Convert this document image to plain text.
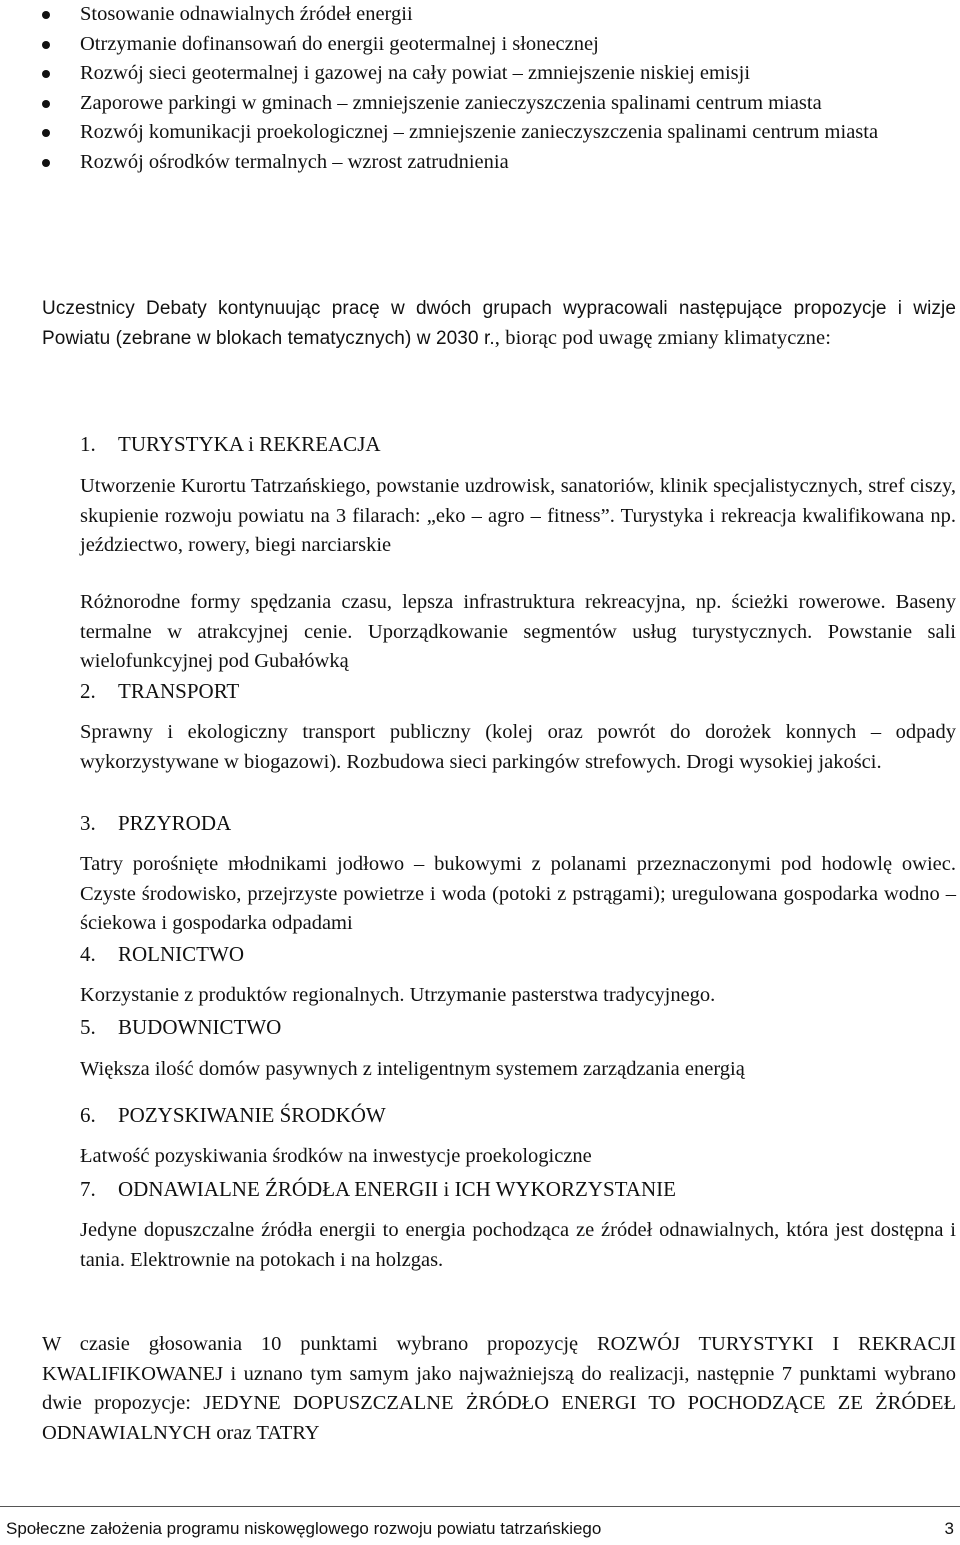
Stosowanie odnawialnych źródeł energii
Otrzymanie dofinansowań do energii geotermalnej i słonecznej
Rozwój sieci geotermalnej i gazowej na cały powiat – zmniejszenie niskiej emisji
Zaporowe parkingi w gminach – zmniejszenie zanieczyszczenia spalinami centrum miasta
Rozwój komunikacji proekologicznej – zmniejszenie zanieczyszczenia spalinami centrum miasta
Rozwój ośrodków termalnych – wzrost zatrudnienia

Uczestnicy Debaty kontynuując pracę w dwóch grupach wypracowali następujące propozycje i wizje Powiatu (zebrane w blokach tematycznych) w 2030 r., biorąc pod uwagę zmiany klimatyczne:

1. TURYSTYKA i REKREACJA

Utworzenie Kurortu Tatrzańskiego, powstanie uzdrowisk, sanatoriów, klinik specjalistycznych, stref ciszy, skupienie rozwoju powiatu na 3 filarach: „eko – agro – fitness”. Turystyka i rekreacja kwalifikowana np. jeździectwo, rowery, biegi narciarskie

Różnorodne formy spędzania czasu, lepsza infrastruktura rekreacyjna, np. ścieżki rowerowe. Baseny termalne w atrakcyjnej cenie. Uporządkowanie segmentów usług turystycznych. Powstanie sali wielofunkcyjnej pod Gubałówką

2. TRANSPORT

Sprawny i ekologiczny transport publiczny (kolej oraz powrót do dorożek konnych – odpady wykorzystywane w biogazowi). Rozbudowa sieci parkingów strefowych. Drogi wysokiej jakości.

3. PRZYRODA

Tatry porośnięte młodnikami jodłowo – bukowymi z polanami przeznaczonymi pod hodowlę owiec. Czyste środowisko, przejrzyste powietrze i woda (potoki z pstrągami); uregulowana gospodarka wodno – ściekowa i gospodarka odpadami

4. ROLNICTWO

Korzystanie z produktów regionalnych. Utrzymanie pasterstwa tradycyjnego.

5. BUDOWNICTWO

Większa ilość domów pasywnych z inteligentnym systemem zarządzania energią

6. POZYSKIWANIE ŚRODKÓW

Łatwość pozyskiwania środków na inwestycje proekologiczne

7. ODNAWIALNE ŹRÓDŁA ENERGII i ICH WYKORZYSTANIE

Jedyne dopuszczalne źródła energii to energia pochodząca ze źródeł odnawialnych, która jest dostępna i tania. Elektrownie na potokach i na holzgas.

W czasie głosowania 10 punktami wybrano propozycję ROZWÓJ TURYSTYKI I REKRACJI KWALIFIKOWANEJ i uznano tym samym jako najważniejszą do realizacji, następnie 7 punktami wybrano dwie propozycje: JEDYNE DOPUSZCZALNE ŻRÓDŁO ENERGI TO POCHODZĄCE ZE ŻRÓDEŁ ODNAWIALNYCH oraz TATRY

Społeczne założenia programu niskowęglowego rozwoju powiatu tatrzańskiego	3
